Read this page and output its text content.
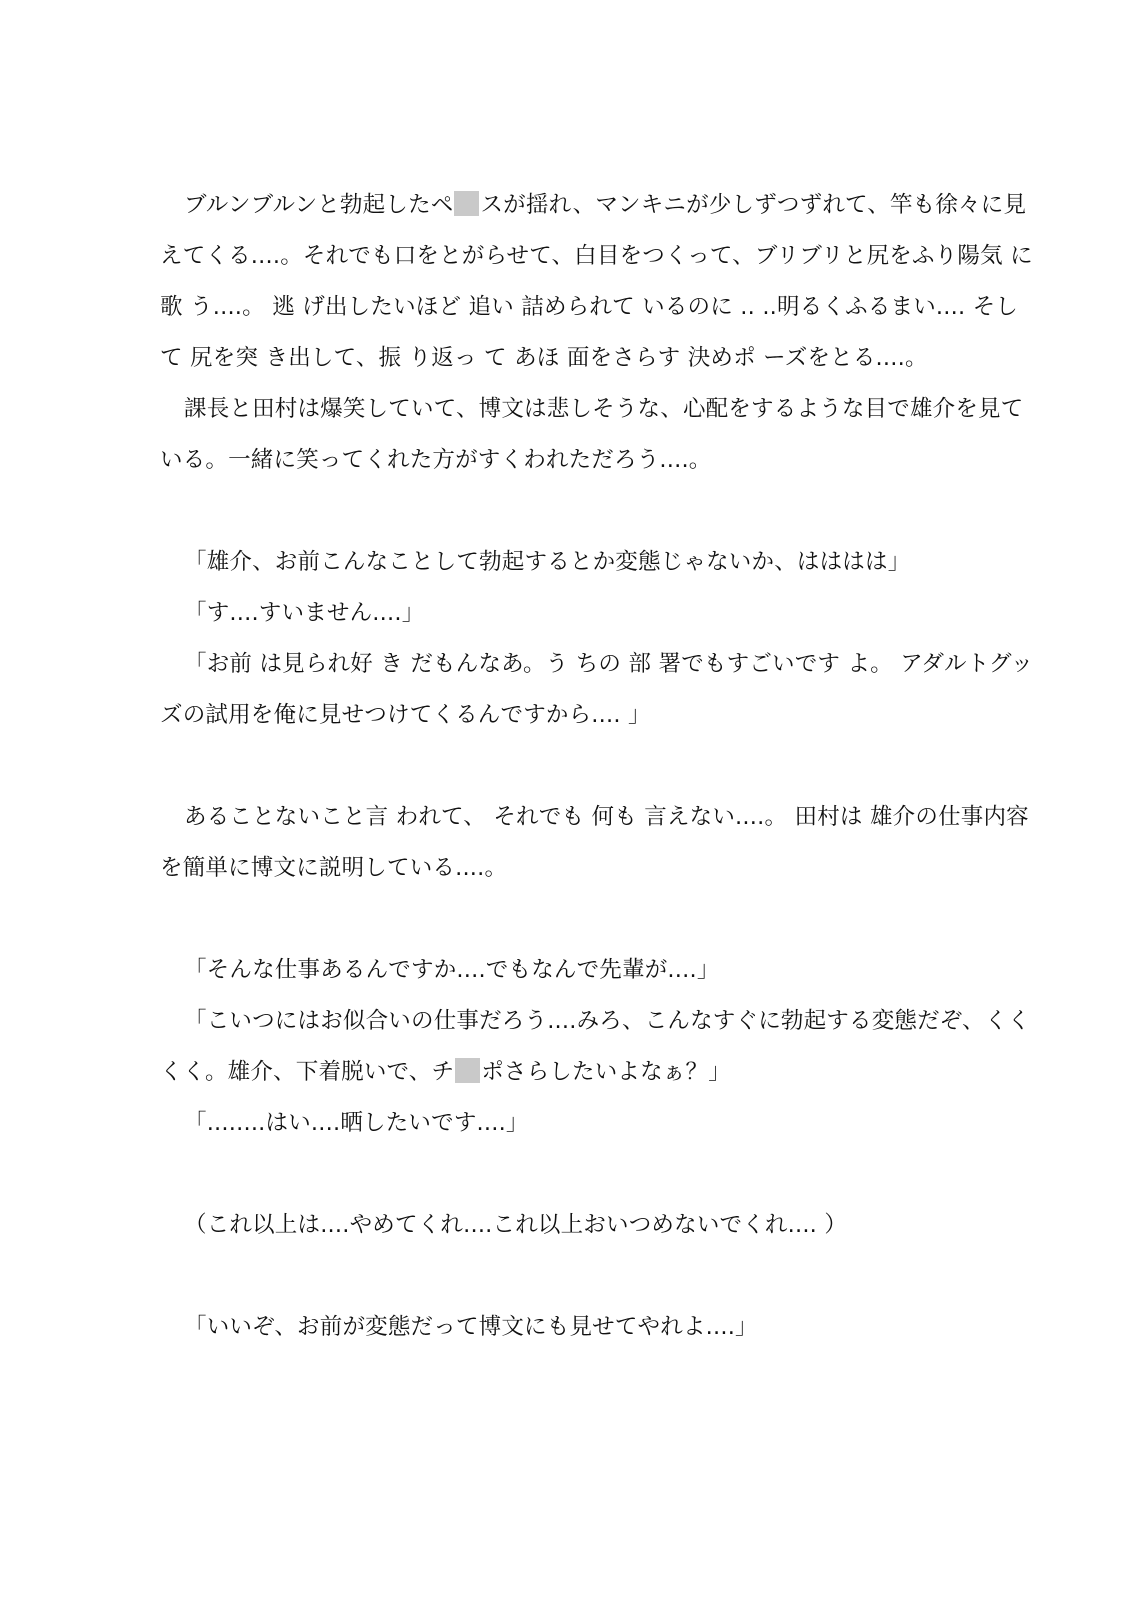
ブルンブルンと勃起したペ スが揺れ、マンキニが少しずつずれて、竿も徐々に見えてくる....。それでも口をとがらせて、白目をつくって、ブリブリと尻をふり陽気 に歌 う....。 逃 げ出したいほど 追い 詰められて いるのに .. ..明るくふるまい.... そして 尻を突 き出して、振 り返っ て あほ 面をさらす 決めポ ーズをとる....。

課長と田村は爆笑していて、博文は悲しそうな、心配をするような目で雄介を見ている。一緒に笑ってくれた方がすくわれただろう....。

「雄介、お前こんなことして勃起するとか変態じゃないか、はははは」

「す....すいません....」

「お前 は見られ好 き だもんなあ。う ちの 部 署でもすごいです よ。 アダルトグッズの試用を俺に見せつけてくるんですから.... 」

あることないこと言 われて、 それでも 何も 言えない....。 田村は 雄介の仕事内容を簡単に博文に説明している....。

「そんな仕事あるんですか....でもなんで先輩が....」

「こいつにはお似合いの仕事だろう....みろ、こんなすぐに勃起する変態だぞ、くくくく。雄介、下着脱いで、チ ポさらしたいよなぁ？」

「........はい....晒したいです....」

（これ以上は....やめてくれ....これ以上おいつめないでくれ.... ）

「いいぞ、お前が変態だって博文にも見せてやれよ....」
